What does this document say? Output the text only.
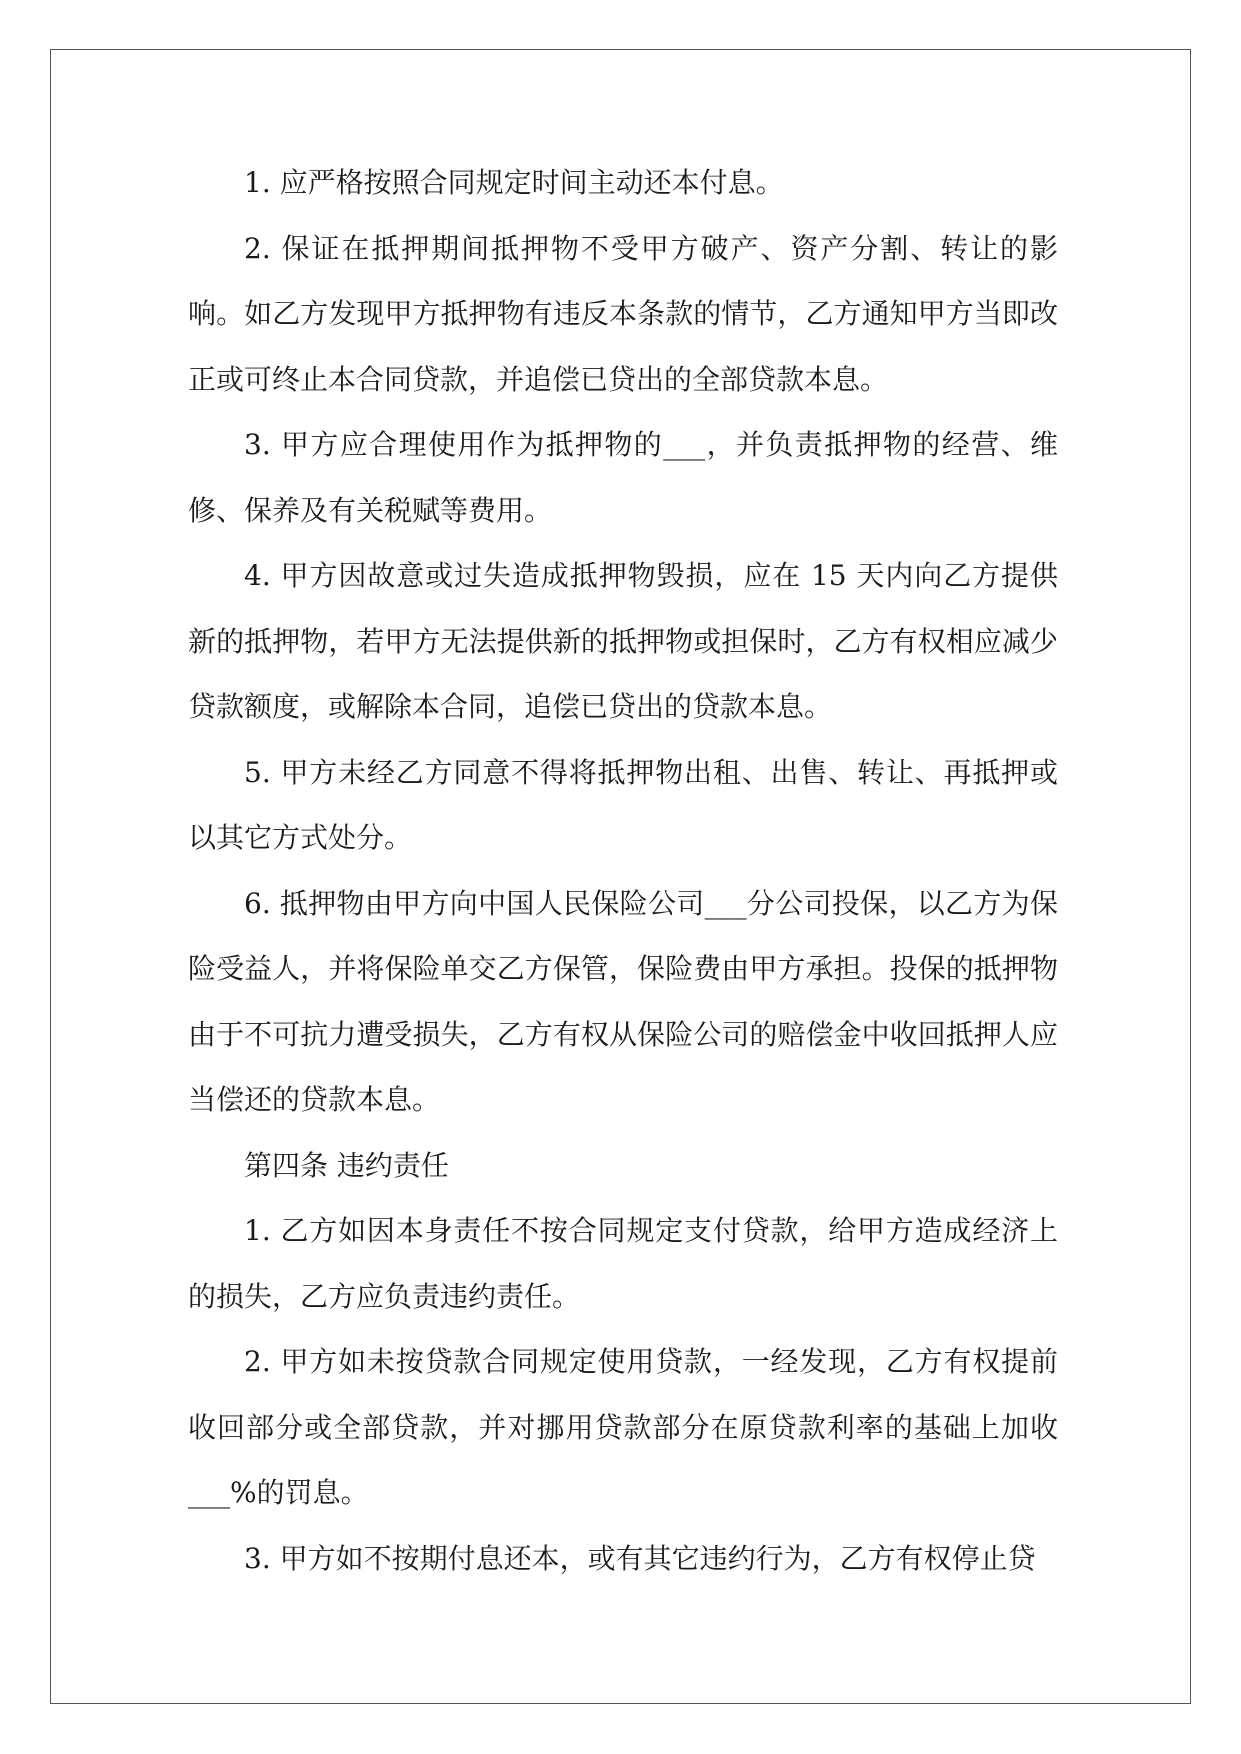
1. 应严格按照合同规定时间主动还本付息。

2. 保证在抵押期间抵押物不受甲方破产、资产分割、转让的影响。如乙方发现甲方抵押物有违反本条款的情节，乙方通知甲方当即改正或可终止本合同贷款，并追偿已贷出的全部贷款本息。

3. 甲方应合理使用作为抵押物的___，并负责抵押物的经营、维修、保养及有关税赋等费用。

4. 甲方因故意或过失造成抵押物毁损，应在 15 天内向乙方提供新的抵押物，若甲方无法提供新的抵押物或担保时，乙方有权相应减少贷款额度，或解除本合同，追偿已贷出的贷款本息。

5. 甲方未经乙方同意不得将抵押物出租、出售、转让、再抵押或以其它方式处分。

6. 抵押物由甲方向中国人民保险公司___分公司投保，以乙方为保险受益人，并将保险单交乙方保管，保险费由甲方承担。投保的抵押物由于不可抗力遭受损失，乙方有权从保险公司的赔偿金中收回抵押人应当偿还的贷款本息。

第四条 违约责任

1. 乙方如因本身责任不按合同规定支付贷款，给甲方造成经济上的损失，乙方应负责违约责任。

2. 甲方如未按贷款合同规定使用贷款，一经发现，乙方有权提前收回部分或全部贷款，并对挪用贷款部分在原贷款利率的基础上加收___%的罚息。

3. 甲方如不按期付息还本，或有其它违约行为，乙方有权停止贷
